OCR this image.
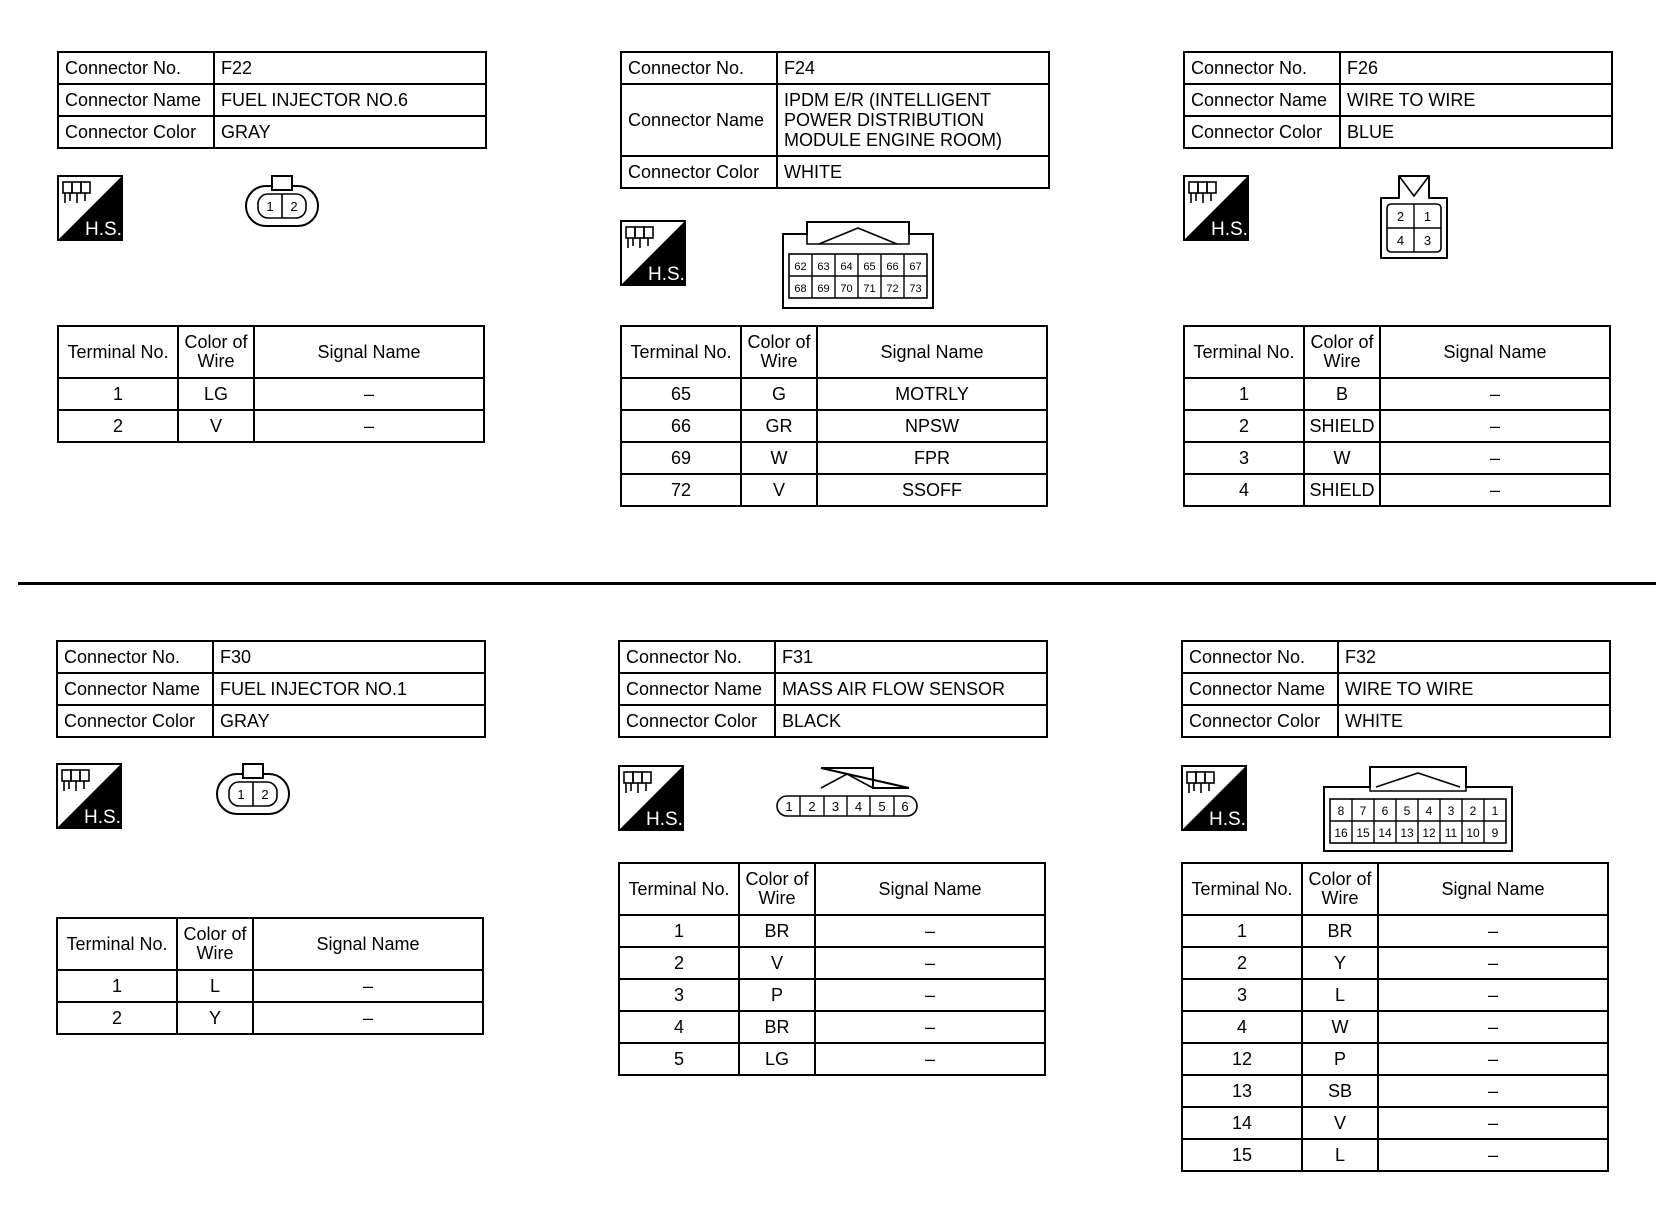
Connector No.	F22
Connector Name	FUEL INJECTOR NO.6
Connector Color	GRAY
H.S.
1 2
Terminal No.	Color of Wire	Signal Name
1	LG	–
2	V	–
Connector No.	F24
Connector Name	IPDM E/R (INTELLIGENT POWER DISTRIBUTION MODULE ENGINE ROOM)
Connector Color	WHITE
H.S.	62 63 64 65 66 67
68 69 70 71 72 73
Terminal No.	Color of Wire	Signal Name
65	G	MOTRLY
66	GR	NPSW
69	W	FPR
72	V	SSOFF
Connector No.	F26
Connector Name	WIRE TO WIRE
Connector Color	BLUE
H.S.
2 1
4 3
Terminal No.	Color of Wire	Signal Name
1	B	–
2	SHIELD	–
3	W	–
4	SHIELD	–
Connector No.	F30
Connector Name	FUEL INJECTOR NO.1
Connector Color	GRAY
H.S.
1 2
Terminal No.	Color of Wire	Signal Name
1	L	–
2	Y	–
Connector No.	F31
Connector Name	MASS AIR FLOW SENSOR
Connector Color	BLACK
H.S.
1 2 3 4 5 6
Terminal No.	Color of Wire	Signal Name
1	BR	–
2	V	–
3	P	–
4	BR	–
5	LG	–
Connector No.	F32
Connector Name	WIRE TO WIRE
Connector Color	WHITE
H.S.	8 7 6 5 4 3 2 1
16 15 14 13 12 11 10 9
Terminal No.	Color of Wire	Signal Name
1	BR	–
2	Y	–
3	L	–
4	W	–
12	P	–
13	SB	–
14	V	–
15	L	–
